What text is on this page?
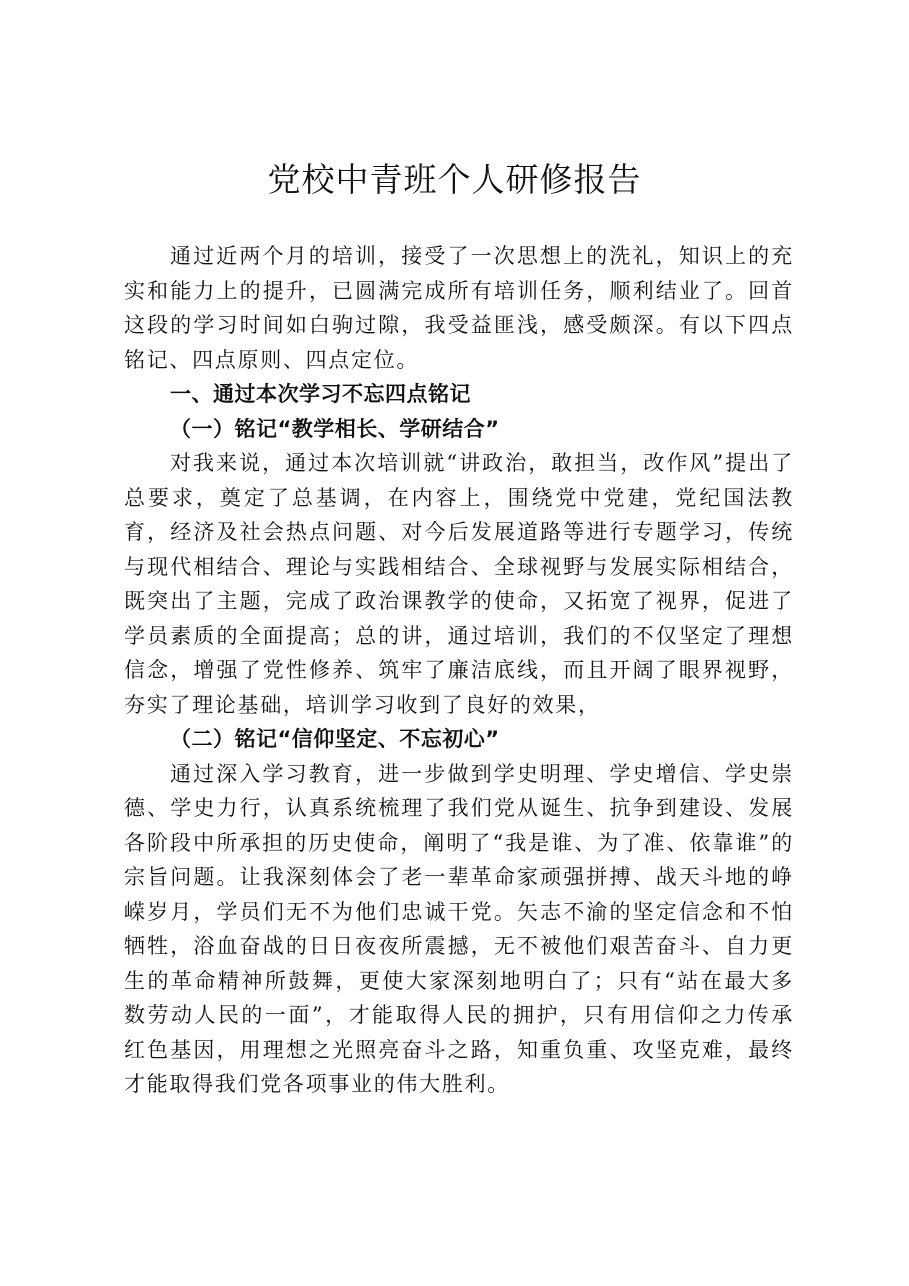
党校中青班个人研修报告

通过近两个月的培训，接受了一次思想上的洗礼，知识上的充实和能力上的提升，已圆满完成所有培训任务，顺利结业了。回首这段的学习时间如白驹过隙，我受益匪浅，感受颇深。有以下四点铭记、四点原则、四点定位。

一、通过本次学习不忘四点铭记
（一）铭记“教学相长、学研结合”

对我来说，通过本次培训就“讲政治，敢担当，改作风”提出了总要求，奠定了总基调，在内容上，围绕党中党建，党纪国法教育，经济及社会热点问题、对今后发展道路等进行专题学习，传统与现代相结合、理论与实践相结合、全球视野与发展实际相结合，既突出了主题，完成了政治课教学的使命，又拓宽了视界，促进了学员素质的全面提高；总的讲，通过培训，我们的不仅坚定了理想信念，增强了党性修养、筑牢了廉洁底线，而且开阔了眼界视野，夯实了理论基础，培训学习收到了良好的效果，

（二）铭记“信仰坚定、不忘初心”

通过深入学习教育，进一步做到学史明理、学史增信、学史崇德、学史力行，认真系统梳理了我们党从诞生、抗争到建设、发展各阶段中所承担的历史使命，阐明了“我是谁、为了准、依靠谁”的宗旨问题。让我深刻体会了老一辈革命家顽强拼搏、战天斗地的峥嵘岁月，学员们无不为他们忠诚干党。矢志不渝的坚定信念和不怕牺牲，浴血奋战的日日夜夜所震撼，无不被他们艰苦奋斗、自力更生的革命精神所鼓舞，更使大家深刻地明白了；只有“站在最大多数劳动人民的一面”，才能取得人民的拥护，只有用信仰之力传承红色基因，用理想之光照亮奋斗之路，知重负重、攻坚克难，最终才能取得我们党各项事业的伟大胜利。
